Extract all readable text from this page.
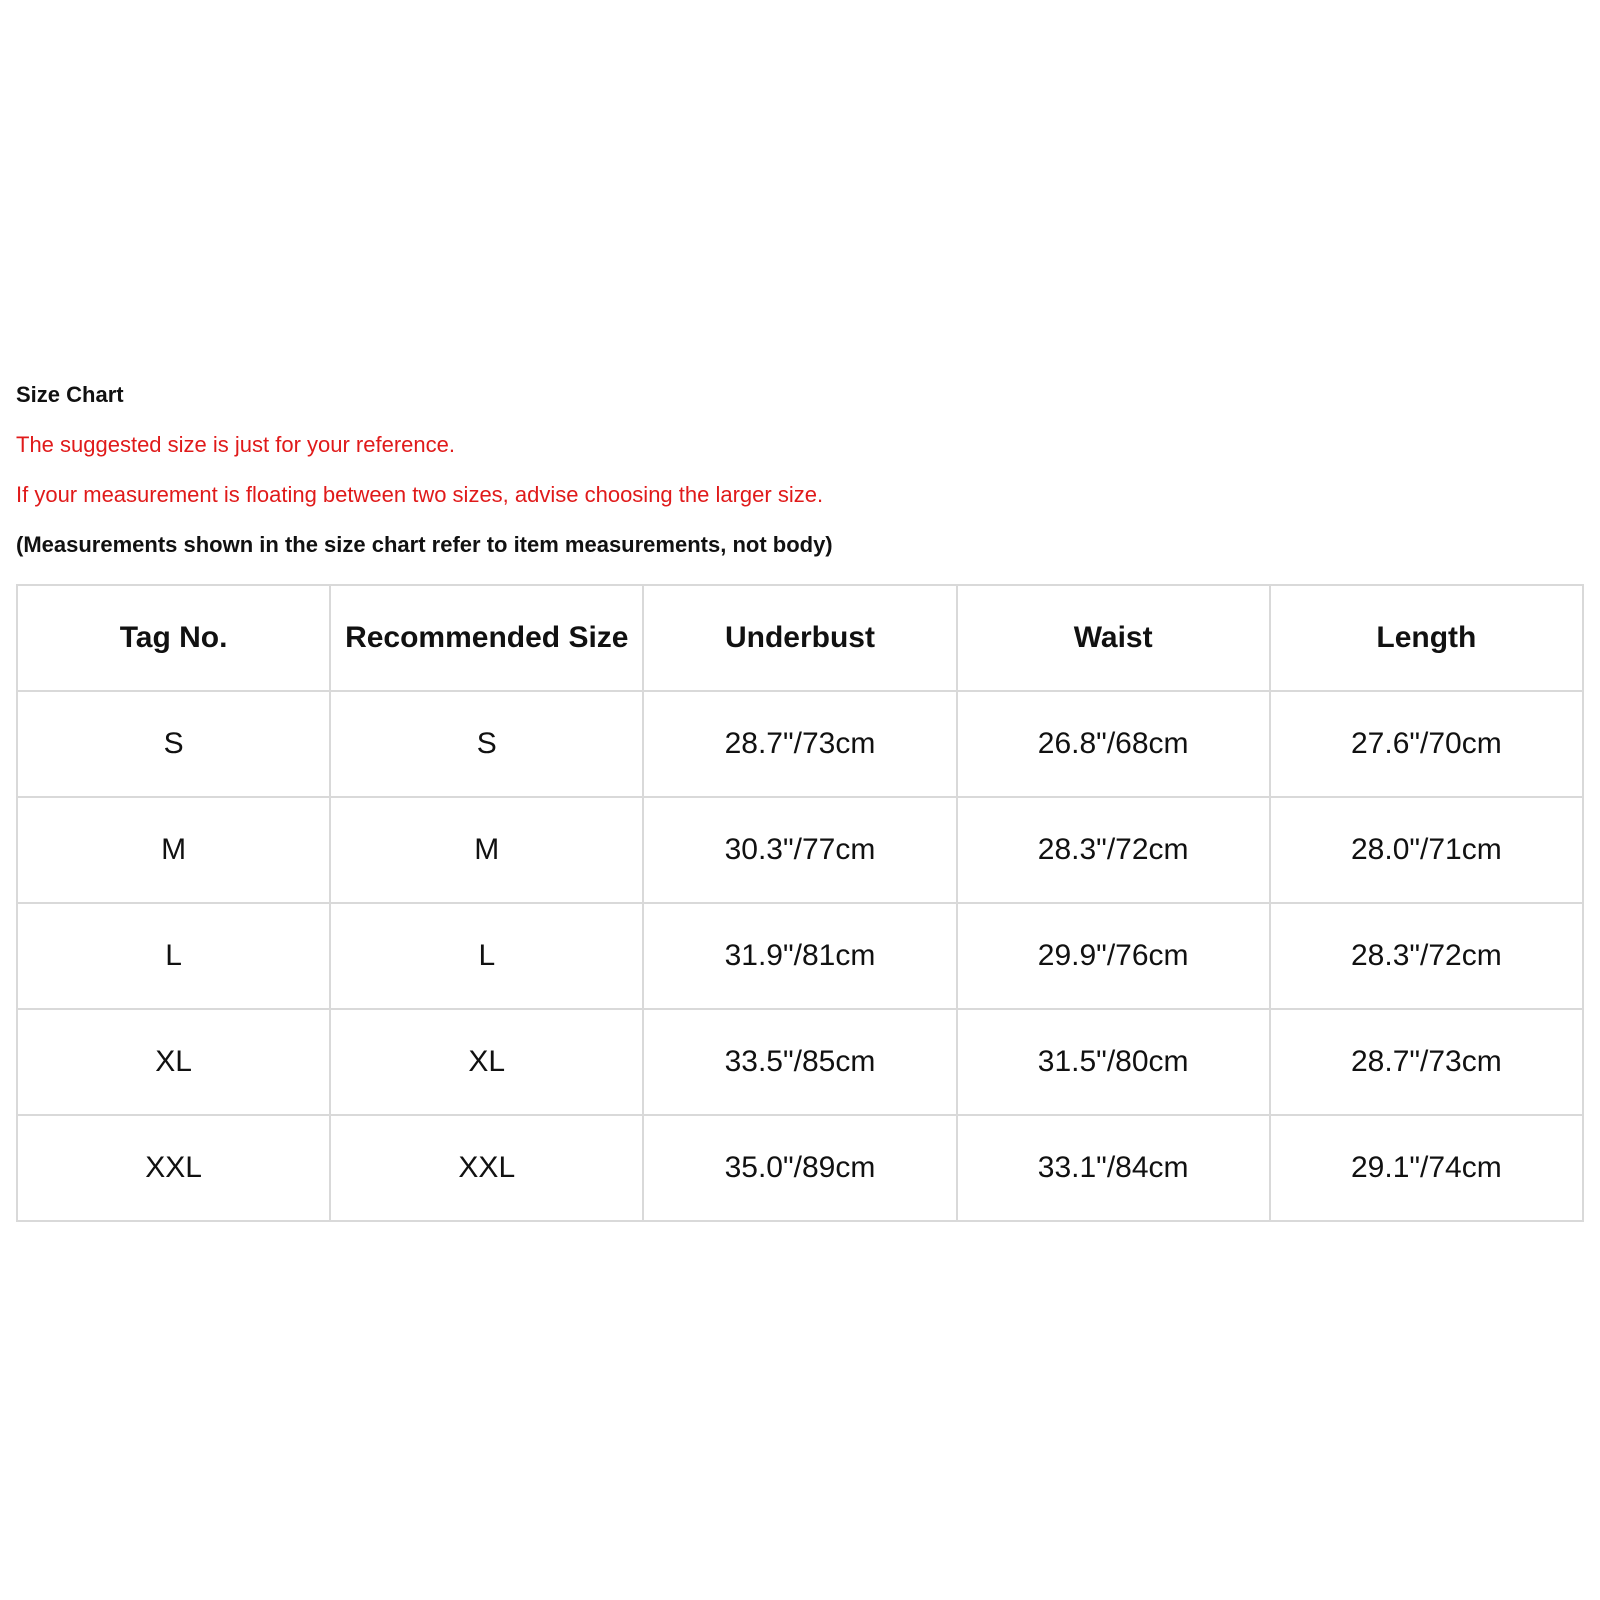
Size Chart
The suggested size is just for your reference.
If your measurement is floating between two sizes, advise choosing the larger size.
(Measurements shown in the size chart refer to item measurements, not body)
Tag No.	Recommended Size	Underbust	Waist	Length
S	S	28.7"/73cm	26.8"/68cm	27.6"/70cm
M	M	30.3"/77cm	28.3"/72cm	28.0"/71cm
L	L	31.9"/81cm	29.9"/76cm	28.3"/72cm
XL	XL	33.5"/85cm	31.5"/80cm	28.7"/73cm
XXL	XXL	35.0"/89cm	33.1"/84cm	29.1"/74cm
